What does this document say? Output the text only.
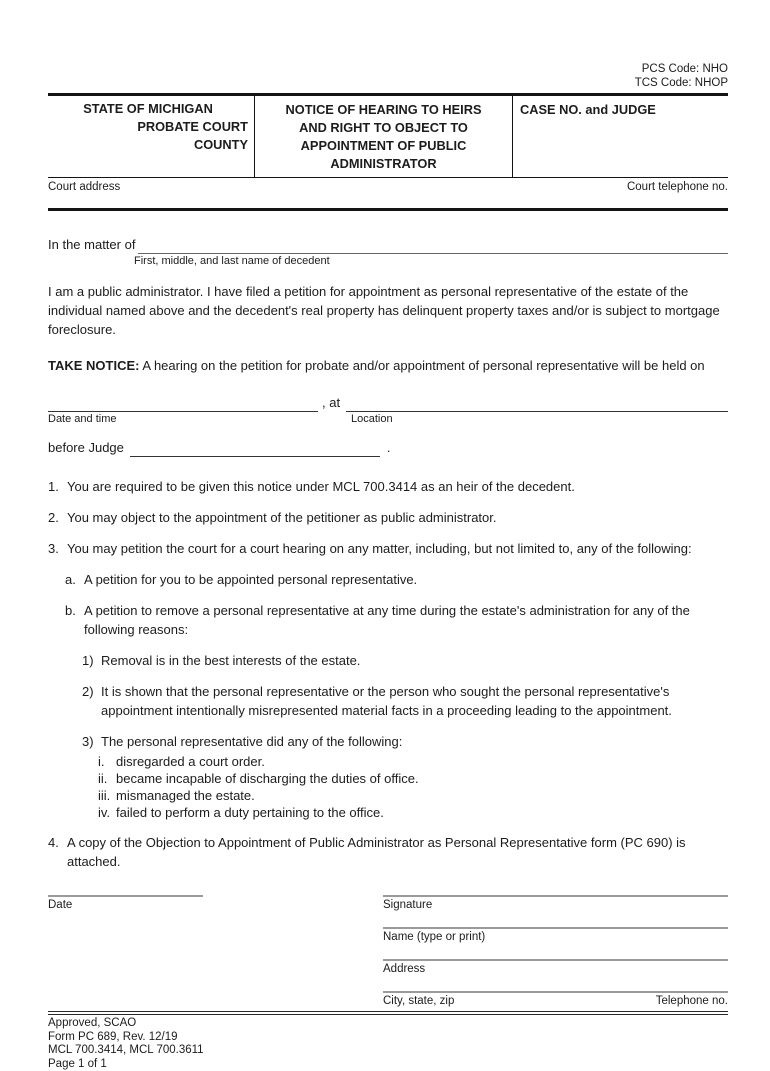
PCS Code: NHO
TCS Code: NHOP
STATE OF MICHIGAN
PROBATE COURT
COUNTY
NOTICE OF HEARING TO HEIRS
AND RIGHT TO OBJECT TO
APPOINTMENT OF PUBLIC
ADMINISTRATOR
CASE NO. and JUDGE
Court address	Court telephone no.
In the matter of
First, middle, and last name of decedent
I am a public administrator. I have filed a petition for appointment as personal representative of the estate of the individual named above and the decedent's real property has delinquent property taxes and/or is subject to mortgage foreclosure.
TAKE NOTICE: A hearing on the petition for probate and/or appointment of personal representative will be held on
, at
Date and time	Location
before Judge	.
1. You are required to be given this notice under MCL 700.3414 as an heir of the decedent.
2. You may object to the appointment of the petitioner as public administrator.
3. You may petition the court for a court hearing on any matter, including, but not limited to, any of the following:
a. A petition for you to be appointed personal representative.
b. A petition to remove a personal representative at any time during the estate's administration for any of the following reasons:
1) Removal is in the best interests of the estate.
2) It is shown that the personal representative or the person who sought the personal representative's appointment intentionally misrepresented material facts in a proceeding leading to the appointment.
3) The personal representative did any of the following:
i. disregarded a court order.
ii. became incapable of discharging the duties of office.
iii. mismanaged the estate.
iv. failed to perform a duty pertaining to the office.
4. A copy of the Objection to Appointment of Public Administrator as Personal Representative form (PC 690) is attached.
Date	Signature
Name (type or print)
Address
City, state, zip	Telephone no.
Approved, SCAO
Form PC 689, Rev. 12/19
MCL 700.3414, MCL 700.3611
Page 1 of 1
